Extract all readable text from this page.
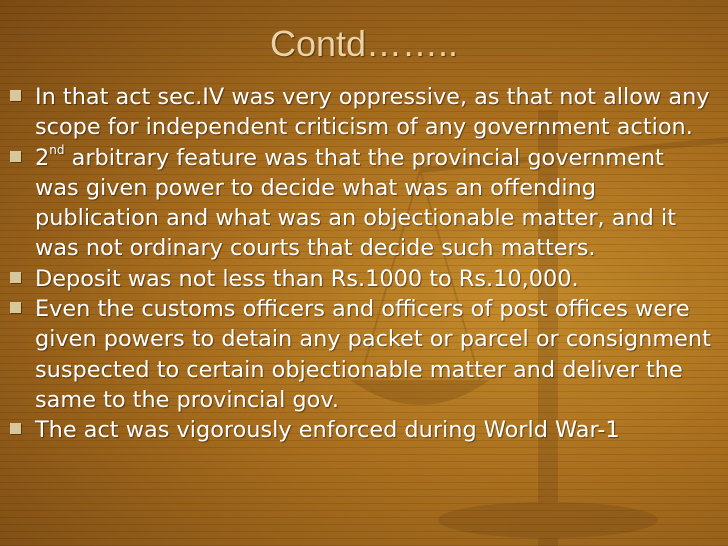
Contd……..
In that act sec.IV was very oppressive, as that not allow any scope for independent criticism of any government action.
2nd arbitrary feature was that the provincial government was given power to decide what was an offending publication and what was an objectionable matter, and it was not ordinary courts that decide such matters.
Deposit was not less than Rs.1000 to Rs.10,000.
Even the customs officers and officers of post offices were given powers to detain any packet or parcel or consignment suspected to certain objectionable matter and deliver the same to the provincial gov.
The act was vigorously enforced during World War-1
